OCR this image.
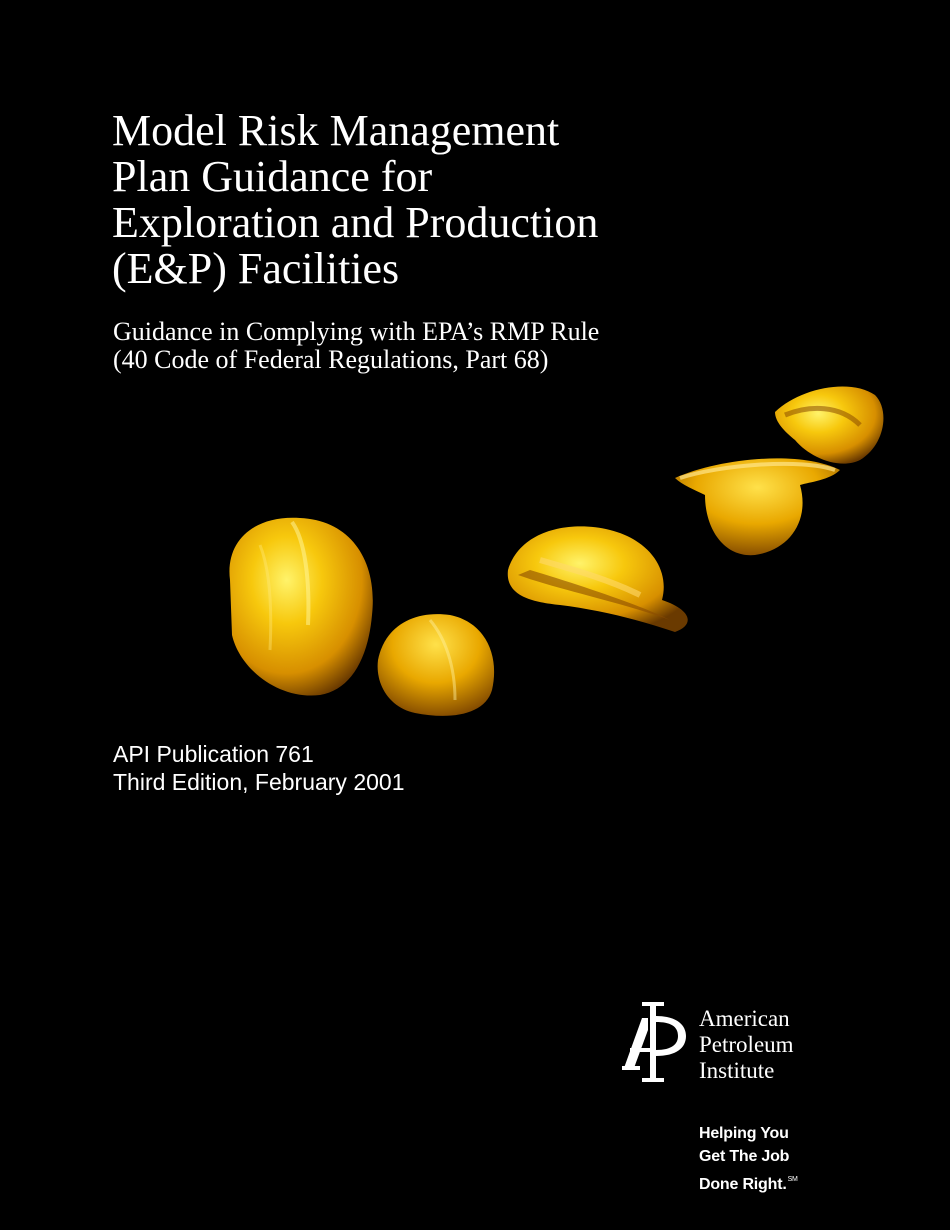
Model Risk Management
Plan Guidance for
Exploration and Production
(E&P) Facilities
Guidance in Complying with EPA’s RMP Rule
(40 Code of Federal Regulations, Part 68)
API Publication 761
Third Edition, February 2001
American
Petroleum
Institute
Helping You
Get The Job
Done Right.℠
